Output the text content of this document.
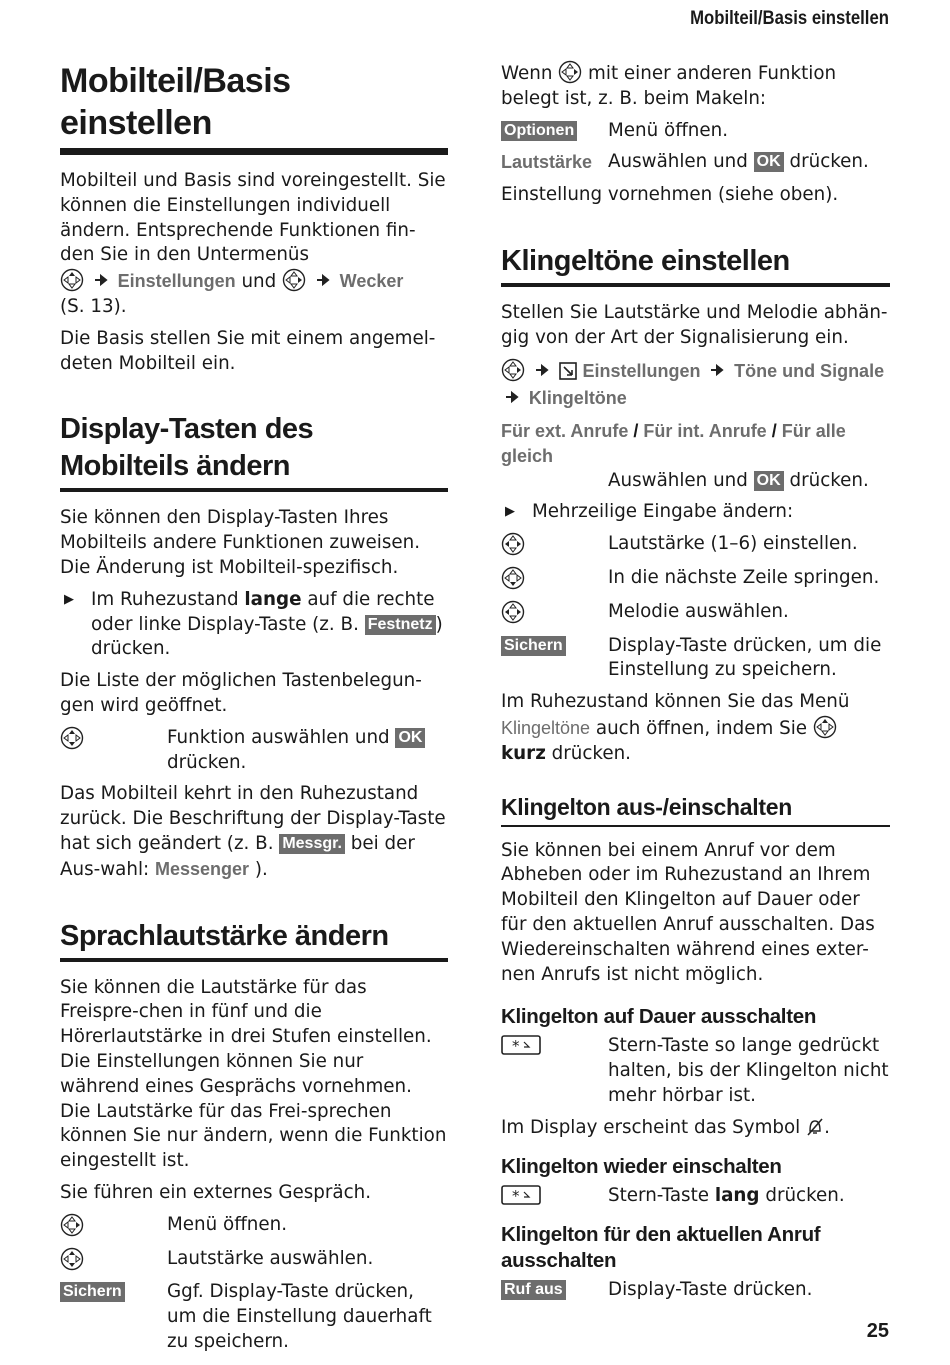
Mobilteil/Basis einstellen
Mobilteil/Basis einstellen

Mobilteil und Basis sind voreingestellt. Sie können die Einstellungen individuell ändern. Entsprechende Funktionen fin-den Sie in den Untermenüs
Einstellungen und	Wecker
(S. 13).

Die Basis stellen Sie mit einem angemel-deten Mobilteil ein.

Display-Tasten des Mobilteils ändern

Sie können den Display-Tasten Ihres Mobilteils andere Funktionen zuweisen. Die Änderung ist Mobilteil-spezifisch.

▶ Im Ruhezustand lange auf die rechte oder linke Display-Taste (z. B. Festnetz ) drücken.

Die Liste der möglichen Tastenbelegun-gen wird geöffnet.

Funktion auswählen und OK drücken.

Das Mobilteil kehrt in den Ruhezustand zurück. Die Beschriftung der Display-Taste hat sich geändert (z. B. Messgr. bei der Aus-wahl: Messenger ).

Sprachlautstärke ändern

Sie können die Lautstärke für das Freispre-chen in fünf und die Hörerlautstärke in drei Stufen einstellen. Die Einstellungen können Sie nur während eines Gesprächs vornehmen. Die Lautstärke für das Frei-sprechen können Sie nur ändern, wenn die Funktion eingestellt ist.

Sie führen ein externes Gespräch.

Menü öffnen.
Lautstärke auswählen.
Sichern	Ggf. Display-Taste drücken, um die Einstellung dauerhaft zu speichern.

Wenn  mit einer anderen Funktion belegt ist, z. B. beim Makeln:

Optionen	Menü öffnen.
Lautstärke Auswählen und OK drücken.

Einstellung vornehmen (siehe oben).

Klingeltöne einstellen

Stellen Sie Lautstärke und Melodie abhän-gig von der Art der Signalisierung ein.

Einstellungen Töne und Signale  Klingeltöne

Für ext. Anrufe / Für int. Anrufe / Für alle gleich
Auswählen und OK drücken.
▶ Mehrzeilige Eingabe ändern:
Lautstärke (1–6) einstellen.
In die nächste Zeile springen.
Melodie auswählen.
Sichern	Display-Taste drücken, um die Einstellung zu speichern.

Im Ruhezustand können Sie das Menü Klingeltöne auch öffnen, indem Sie
kurz drücken.

Klingelton aus-/einschalten

Sie können bei einem Anruf vor dem Abheben oder im Ruhezustand an Ihrem Mobilteil den Klingelton auf Dauer oder für den aktuellen Anruf ausschalten. Das Wiedereinschalten während eines exter-nen Anrufs ist nicht möglich.

Klingelton auf Dauer ausschalten
*	Stern-Taste so lange gedrückt halten, bis der Klingelton nicht mehr hörbar ist.

Im Display erscheint das Symbol .

Klingelton wieder einschalten
*	Stern-Taste lang drücken.
Klingelton für den aktuellen Anruf ausschalten
Ruf aus	Display-Taste drücken.
25
